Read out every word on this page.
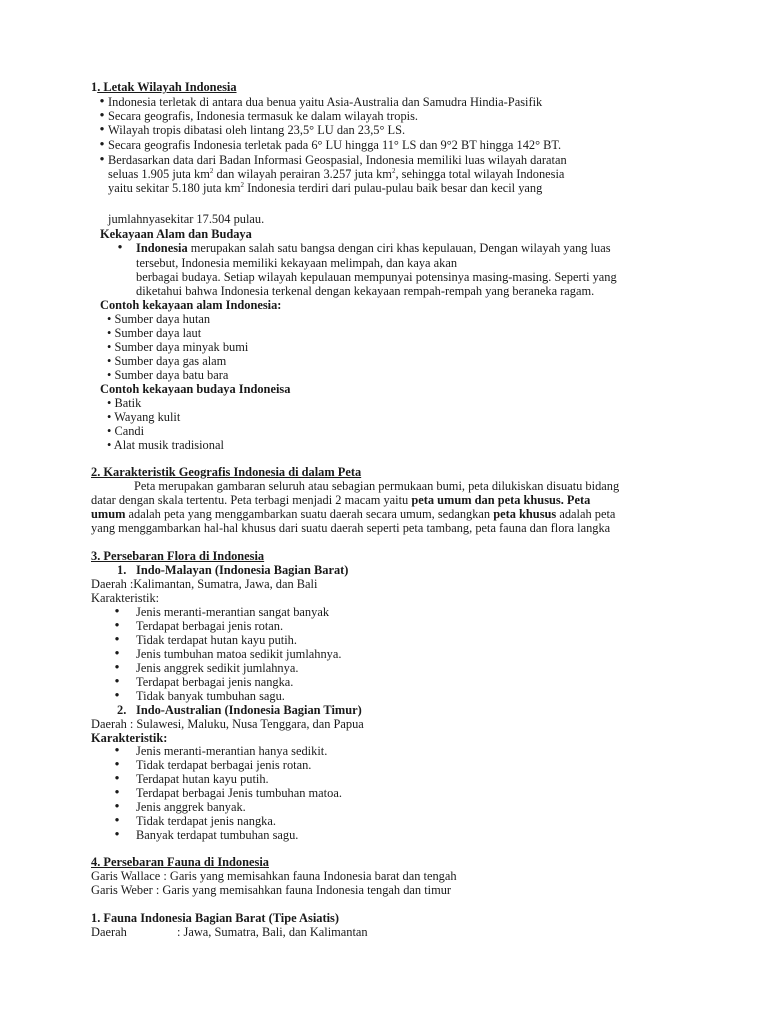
1. Letak Wilayah Indonesia
● Indonesia terletak di antara dua benua yaitu Asia-Australia dan Samudra Hindia-Pasifik
● Secara geografis, Indonesia termasuk ke dalam wilayah tropis.
● Wilayah tropis dibatasi oleh lintang 23,5° LU dan 23,5° LS.
● Secara geografis Indonesia terletak pada 6° LU hingga 11° LS dan 9°2 BT hingga 142° BT.
● Berdasarkan data dari Badan Informasi Geospasial, Indonesia memiliki luas wilayah daratan
seluas 1.905 juta $km^2$ dan wilayah perairan 3.257 juta $km^2$, sehingga total wilayah Indonesia
yaitu sekitar 5.180 juta $km^2$ Indonesia terdiri dari pulau-pulau baik besar dan kecil yang
jumlahnyasekitar 17.504 pulau.
Kekayaan Alam dan Budaya
●	Indonesia merupakan salah satu bangsa dengan ciri khas kepulauan, Dengan wilayah yang luas
tersebut, Indonesia memiliki kekayaan melimpah, dan kaya akan
berbagai budaya. Setiap wilayah kepulauan mempunyai potensinya masing-masing. Seperti yang
diketahui bahwa Indonesia terkenal dengan kekayaan rempah-rempah yang beraneka ragam.
Contoh kekayaan alam Indonesia:
• Sumber daya hutan
• Sumber daya laut
• Sumber daya minyak bumi
• Sumber daya gas alam
• Sumber daya batu bara
Contoh kekayaan budaya Indoneisa
• Batik
• Wayang kulit
• Candi
• Alat musik tradisional
2. Karakteristik Geografis Indonesia di dalam Peta
Peta merupakan gambaran seluruh atau sebagian permukaan bumi, peta dilukiskan disuatu bidang
datar dengan skala tertentu. Peta terbagi menjadi 2 macam yaitu peta umum dan peta khusus. Peta
umum adalah peta yang menggambarkan suatu daerah secara umum, sedangkan peta khusus adalah peta
yang menggambarkan hal-hal khusus dari suatu daerah seperti peta tambang, peta fauna dan flora langka
3. Persebaran Flora di Indonesia
1. Indo-Malayan (Indonesia Bagian Barat)
Daerah :Kalimantan, Sumatra, Jawa, dan Bali
Karakteristik:
●	Jenis meranti-merantian sangat banyak
●	Terdapat berbagai jenis rotan.
●	Tidak terdapat hutan kayu putih.
●	Jenis tumbuhan matoa sedikit jumlahnya.
●	Jenis anggrek sedikit jumlahnya.
●	Terdapat berbagai jenis nangka.
●	Tidak banyak tumbuhan sagu.
2. Indo-Australian (Indonesia Bagian Timur)
Daerah : Sulawesi, Maluku, Nusa Tenggara, dan Papua
Karakteristik:
●	Jenis meranti-merantian hanya sedikit.
●	Tidak terdapat berbagai jenis rotan.
●	Terdapat hutan kayu putih.
●	Terdapat berbagai Jenis tumbuhan matoa.
●	Jenis anggrek banyak.
●	Tidak terdapat jenis nangka.
●	Banyak terdapat tumbuhan sagu.
4. Persebaran Fauna di Indonesia
Garis Wallace : Garis yang memisahkan fauna Indonesia barat dan tengah
Garis Weber : Garis yang memisahkan fauna Indonesia tengah dan timur
1. Fauna Indonesia Bagian Barat (Tipe Asiatis)
Daerah	: Jawa, Sumatra, Bali, dan Kalimantan
